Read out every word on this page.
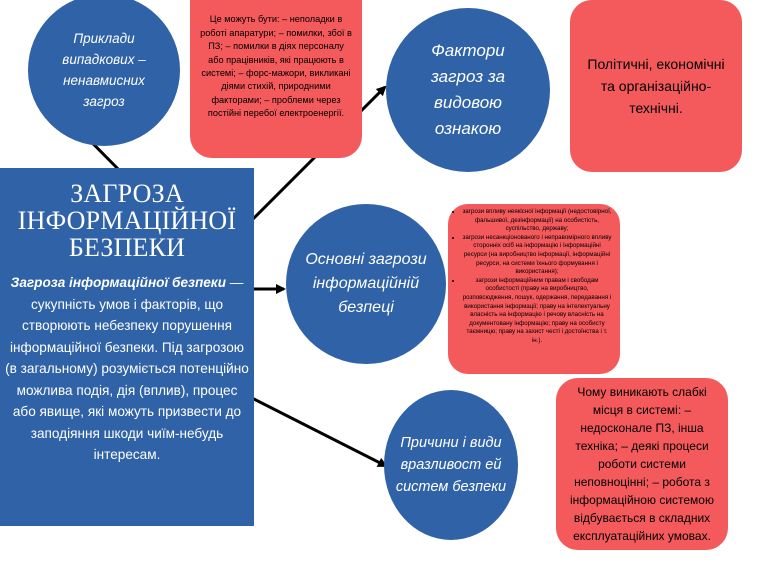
Приклади випадкових – ненавмисних загроз
Це можуть бути: – неполадки в роботі апаратури; – помилки, збої в ПЗ; – помилки в діях персоналу або працівників, які працюють в системі; – форс-мажори, викликані діями стихій, природними факторами; – проблеми через постійні перебої електроенергії.
Фактори загроз за видовою ознакою
Політичні, економічні та організаційно-технічні.
ЗАГРОЗА ІНФОРМАЦІЙНОЇ БЕЗПЕКИ
Загроза інформаційної безпеки — сукупність умов і факторів, що створюють небезпеку порушення інформаційної безпеки. Під загрозою (в загальному) розуміється потенційно можлива подія, дія (вплив), процес або явище, які можуть призвести до заподіяння шкоди чиїм-небудь інтересам.
Основні загрози інформаційній безпеці
• загрози впливу неякісної інформації (недостовірної, фальшивої, дезінформації) на особистість, суспільство, державу;
• загрози несанкціонованого і неправомірного впливу сторонніх осіб на інформацію і інформаційні ресурси (на виробництво інформації, інформаційні ресурси, на системи їхнього формування і використання);
• загрози інформаційним правам і свободам особистості (праву на виробництво, розповсюдження, пошук, одержання, передавання і використання інформації; праву на інтелектуальну власність на інформацію і речову власність на документовану інформацію; праву на особисту таємницю; праву на захист честі і достоїнства і т. ін.).
Причини і види вразливост ей систем безпеки
Чому виникають слабкі місця в системі: – недосконале ПЗ, інша техніка; – деякі процеси роботи системи неповноцінні; – робота з інформаційною системою відбувається в складних експлуатаційних умовах.
